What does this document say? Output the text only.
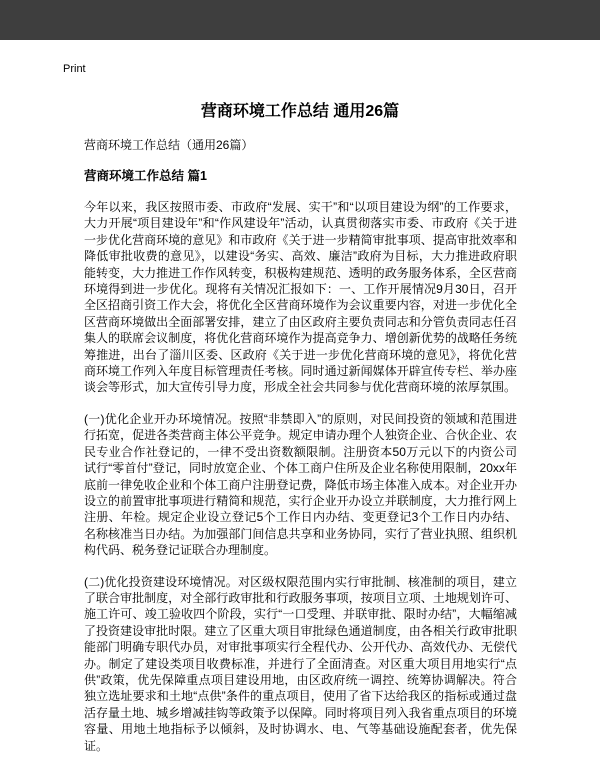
Print
营商环境工作总结 通用26篇
营商环境工作总结（通用26篇）
营商环境工作总结 篇1

今年以来，我区按照市委、市政府“发展、实干”和“以项目建设为纲”的工作要求，大力开展“项目建设年”和“作风建设年”活动，认真贯彻落实市委、市政府《关于进一步优化营商环境的意见》和市政府《关于进一步精简审批事项、提高审批效率和降低审批收费的意见》，以建设“务实、高效、廉洁”政府为目标，大力推进政府职能转变，大力推进工作作风转变，积极构建规范、透明的政务服务体系，全区营商环境得到进一步优化。现将有关情况汇报如下：一、工作开展情况9月30日，召开全区招商引资工作大会，将优化全区营商环境作为会议重要内容，对进一步优化全区营商环境做出全面部署安排，建立了由区政府主要负责同志和分管负责同志任召集人的联席会议制度，将优化营商环境作为提高竞争力、增创新优势的战略任务统筹推进，出台了淄川区委、区政府《关于进一步优化营商环境的意见》，将优化营商环境工作列入年度目标管理责任考核。同时通过新闻媒体开辟宣传专栏、举办座谈会等形式，加大宣传引导力度，形成全社会共同参与优化营商环境的浓厚氛围。

(一)优化企业开办环境情况。按照“非禁即入”的原则，对民间投资的领域和范围进行拓宽，促进各类营商主体公平竞争。规定申请办理个人独资企业、合伙企业、农民专业合作社登记的，一律不受出资数额限制。注册资本50万元以下的内资公司试行“零首付”登记，同时放宽企业、个体工商户住所及企业名称使用限制，20xx年底前一律免收企业和个体工商户注册登记费，降低市场主体准入成本。对企业开办设立的前置审批事项进行精简和规范，实行企业开办设立并联制度，大力推行网上注册、年检。规定企业设立登记5个工作日内办结、变更登记3个工作日内办结、名称核准当日办结。为加强部门间信息共享和业务协同，实行了营业执照、组织机构代码、税务登记证联合办理制度。

(二)优化投资建设环境情况。对区级权限范围内实行审批制、核准制的项目，建立了联合审批制度，对全部行政审批和行政服务事项，按项目立项、土地规划许可、施工许可、竣工验收四个阶段，实行“一口受理、并联审批、限时办结”，大幅缩减了投资建设审批时限。建立了区重大项目审批绿色通道制度，由各相关行政审批职能部门明确专职代办员，对审批事项实行全程代办、公开代办、高效代办、无偿代办。制定了建设类项目收费标准，并进行了全面清查。对区重大项目用地实行“点供”政策，优先保障重点项目建设用地，由区政府统一调控、统筹协调解决。符合独立选址要求和土地“点供”条件的重点项目，使用了省下达给我区的指标或通过盘活存量土地、城乡增减挂钩等政策予以保障。同时将项目列入我省重点项目的环境容量、用地土地指标予以倾斜，及时协调水、电、气等基础设施配套者，优先保证。
